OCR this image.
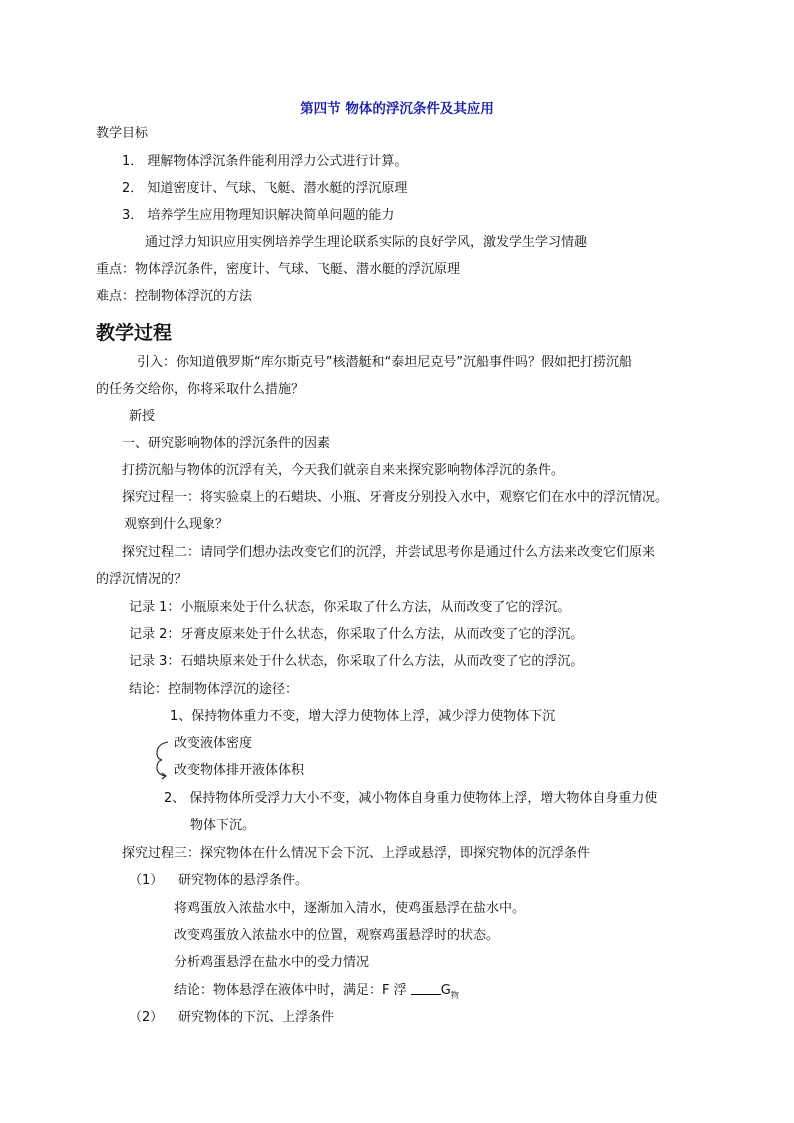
第四节 物体的浮沉条件及其应用
教学目标
1． 理解物体浮沉条件能利用浮力公式进行计算。
2． 知道密度计、气球、飞艇、潜水艇的浮沉原理
3． 培养学生应用物理知识解决简单问题的能力
通过浮力知识应用实例培养学生理论联系实际的良好学风，激发学生学习情趣
重点：物体浮沉条件，密度计、气球、飞艇、潜水艇的浮沉原理
难点：控制物体浮沉的方法
教学过程
引入：你知道俄罗斯“库尔斯克号”核潜艇和“泰坦尼克号”沉船事件吗？假如把打捞沉船
的任务交给你，你将采取什么措施？
新授
一、研究影响物体的浮沉条件的因素
打捞沉船与物体的沉浮有关，今天我们就亲自来来探究影响物体浮沉的条件。
探究过程一：将实验桌上的石蜡块、小瓶、牙膏皮分别投入水中，观察它们在水中的浮沉情况。
观察到什么现象？
探究过程二：请同学们想办法改变它们的沉浮，并尝试思考你是通过什么方法来改变它们原来
的浮沉情况的？
记录 1：小瓶原来处于什么状态，你采取了什么方法，从而改变了它的浮沉。
记录 2：牙膏皮原来处于什么状态，你采取了什么方法，从而改变了它的浮沉。
记录 3：石蜡块原来处于什么状态，你采取了什么方法，从而改变了它的浮沉。
结论：控制物体浮沉的途径：
1、保持物体重力不变，增大浮力使物体上浮，减少浮力使物体下沉
改变液体密度
改变物体排开液体体积
2、 保持物体所受浮力大小不变，减小物体自身重力使物体上浮，增大物体自身重力使
物体下沉。
探究过程三：探究物体在什么情况下会下沉、上浮或悬浮，即探究物体的沉浮条件
（1） 研究物体的悬浮条件。
将鸡蛋放入浓盐水中，逐渐加入清水，使鸡蛋悬浮在盐水中。
改变鸡蛋放入浓盐水中的位置，观察鸡蛋悬浮时的状态。
分析鸡蛋悬浮在盐水中的受力情况
结论：物体悬浮在液体中时，满足：F 浮 $G_物$
（2） 研究物体的下沉、上浮条件
